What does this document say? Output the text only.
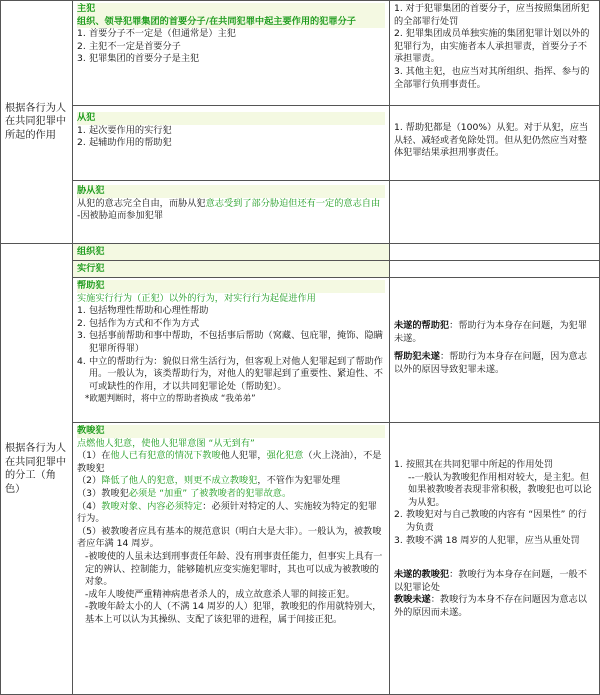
根据各行为人在共同犯罪中所起的作用
主犯
组织、领导犯罪集团的首要分子/在共同犯罪中起主要作用的犯罪分子
1. 首要分子不一定是（但通常是）主犯
2. 主犯不一定是首要分子
3. 犯罪集团的首要分子是主犯
1. 对于犯罪集团的首要分子，应当按照集团所犯的全部罪行处罚
2. 犯罪集团成员单独实施的集团犯罪计划以外的犯罪行为，由实施者本人承担罪责，首要分子不承担罪责。
3. 其他主犯，也应当对其所组织、指挥、参与的全部罪行负刑事责任。
从犯
1. 起次要作用的实行犯
2. 起辅助作用的帮助犯
1. 帮助犯都是（100%）从犯。对于从犯，应当从轻、减轻或者免除处罚。但从犯仍然应当对整体犯罪结果承担刑事责任。
胁从犯
从犯的意志完全自由，而胁从犯意志受到了部分胁迫但还有一定的意志自由
-因被胁迫而参加犯罪
根据各行为人在共同犯罪中的分工（角色）
组织犯
实行犯
帮助犯
实施实行行为（正犯）以外的行为，对实行行为起促进作用
1. 包括物理性帮助和心理性帮助
2. 包括作为方式和不作为方式
3. 包括事前帮助和事中帮助，不包括事后帮助（窝藏、包庇罪，掩饰、隐瞒犯罪所得罪）
4. 中立的帮助行为：貌似日常生活行为，但客观上对他人犯罪起到了帮助作用。一般认为，该类帮助行为，对他人的犯罪起到了重要性、紧迫性、不可或缺性的作用，才以共同犯罪论处（帮助犯）。
*欧题判断时，将中立的帮助者换成 “我弟弟”
未遂的帮助犯：帮助行为本身存在问题，为犯罪未遂。
帮助犯未遂：帮助行为本身存在问题，因为意志以外的原因导致犯罪未遂。
教唆犯
点燃他人犯意，使他人犯罪意图 “从无到有”
（1）在他人已有犯意的情况下教唆他人犯罪，强化犯意（火上浇油），不是教唆犯
（2）降低了他人的犯意，则更不成立教唆犯，不管作为犯罪处理
（3）教唆犯必须是 “加重” 了被教唆者的犯罪故意。
（4）教唆对象、内容必须特定：必须针对特定的人、实施较为特定的犯罪行为。
（5）被教唆者应具有基本的规范意识（明白大是大非）。一般认为，被教唆者应年满 14 周岁。
-被唆使的人虽未达到刑事责任年龄、没有刑事责任能力，但事实上具有一定的辨认、控制能力，能够随机应变实施犯罪时，其也可以成为被教唆的对象。
-成年人唆使严重精神病患者杀人的，成立故意杀人罪的间接正犯。
-教唆年龄太小的人（不满 14 周岁的人）犯罪，教唆犯的作用就特别大，基本上可以认为其操纵、支配了该犯罪的进程，属于间接正犯。
1. 按照其在共同犯罪中所起的作用处罚
--一般认为教唆犯作用相对较大，是主犯。但如果被教唆者表现非常积极，教唆犯也可以论为从犯。
2. 教唆犯对与自己教唆的内容有 “因果性” 的行为负责
3. 教唆不满 18 周岁的人犯罪，应当从重处罚
未遂的教唆犯：教唆行为本身存在问题，一般不以犯罪论处
教唆未遂：教唆行为本身不存在问题因为意志以外的原因而未遂。
